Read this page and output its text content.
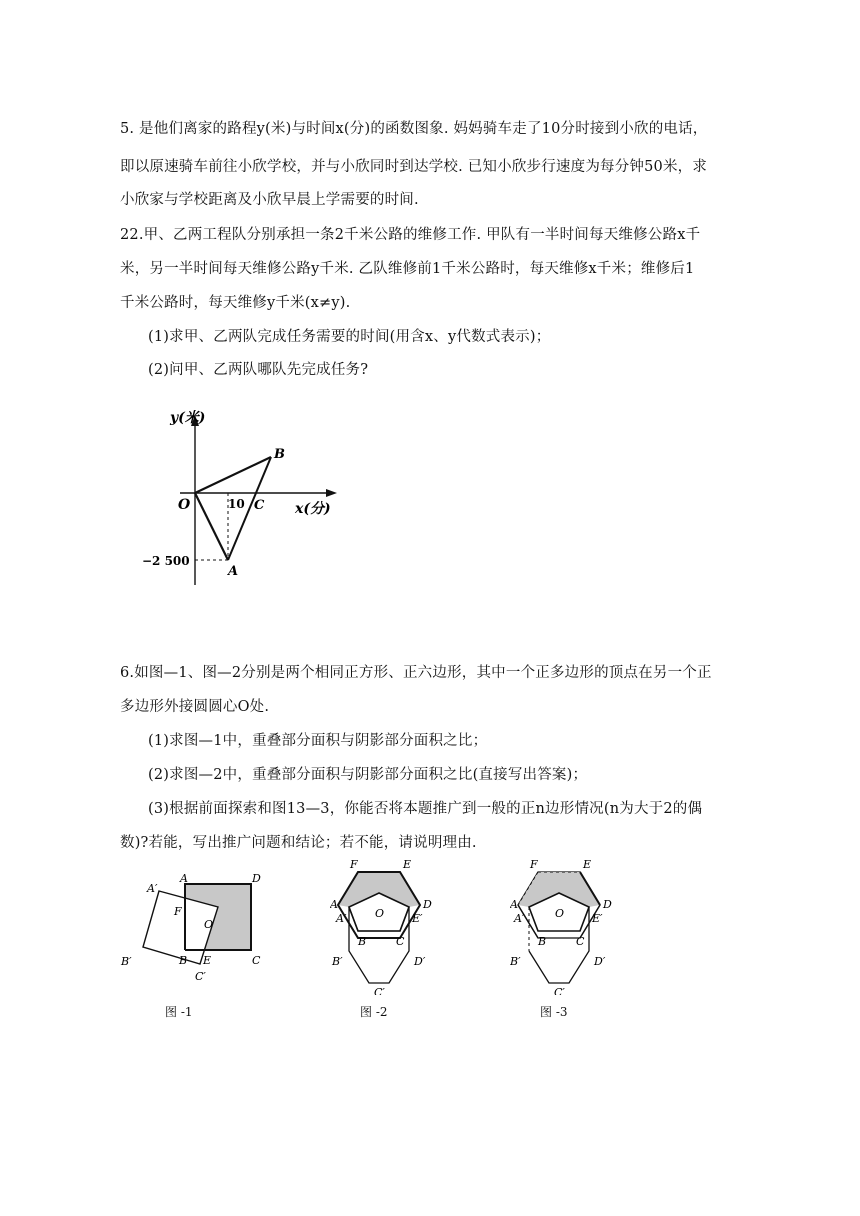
5. 是他们离家的路程y(米)与时间x(分)的函数图象. 妈妈骑车走了10分时接到小欣的电话，
即以原速骑车前往小欣学校，并与小欣同时到达学校. 已知小欣步行速度为每分钟50米，求
小欣家与学校距离及小欣早晨上学需要的时间.
22.甲、乙两工程队分别承担一条2千米公路的维修工作. 甲队有一半时间每天维修公路x千
米，另一半时间每天维修公路y千米. 乙队维修前1千米公路时，每天维修x千米；维修后1
千米公路时，每天维修y千米(x≠y).
(1)求甲、乙两队完成任务需要的时间(用含x、y代数式表示)；
(2)问甲、乙两队哪队先完成任务?
y(米)
x(分)
O	10
−2 500
A
B
C
6.如图—1、图—2分别是两个相同正方形、正六边形，其中一个正多边形的顶点在另一个正
多边形外接圆圆心O处.
(1)求图—1中，重叠部分面积与阴影部分面积之比；
(2)求图—2中，重叠部分面积与阴影部分面积之比(直接写出答案)；
(3)根据前面探索和图13—3，你能否将本题推广到一般的正n边形情况(n为大于2的偶
数)?若能，写出推广问题和结论；若不能，请说明理由.
A	D
A′
F
O
B E	C
B′
C′
F	E
A	D
A′	O	E′
B	C
B′	D′
C′
F	E
A	D
A′	O	E′
B	C
B′	D′
C′
图 -1	图 -2	图 -3
